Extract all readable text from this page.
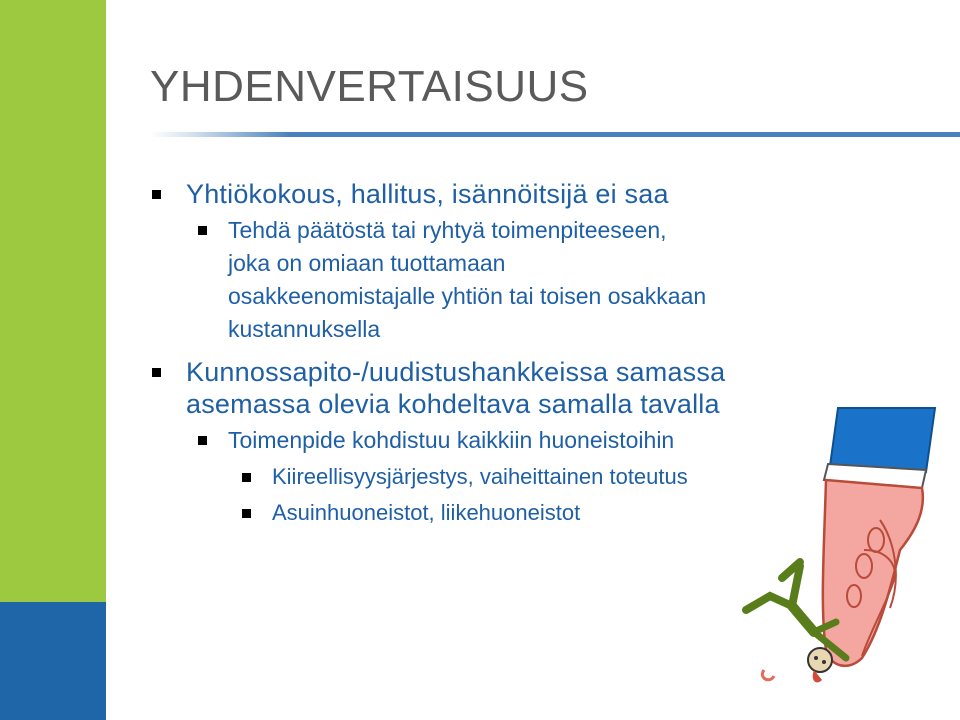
YHDENVERTAISUUS
Yhtiökokous, hallitus, isännöitsijä ei saa
Tehdä päätöstä tai ryhtyä toimenpiteeseen,
joka on omiaan tuottamaan
osakkeenomistajalle yhtiön tai toisen osakkaan
kustannuksella
Kunnossapito-/uudistushankkeissa samassa
asemassa olevia kohdeltava samalla tavalla
Toimenpide kohdistuu kaikkiin huoneistoihin
Kiireellisyysjärjestys, vaiheittainen toteutus
Asuinhuoneistot, liikehuoneistot
